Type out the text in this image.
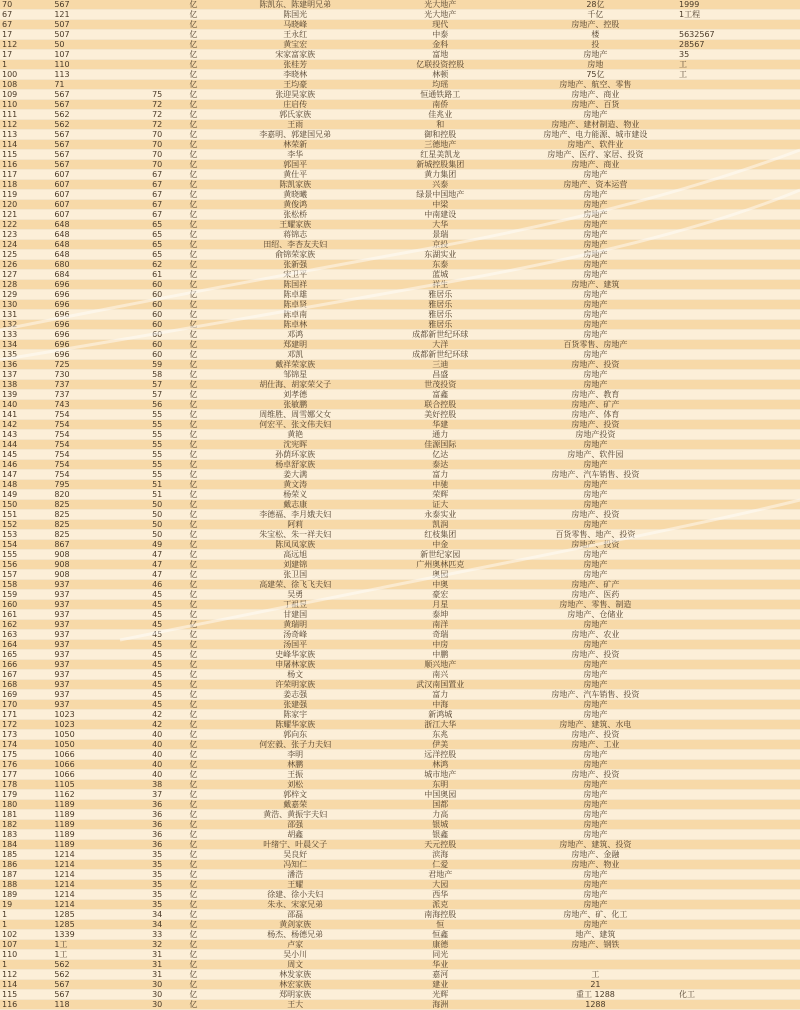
70	567		亿	陈凯东、陈建明兄弟	光大地产	28亿	1999
67	121		亿	陈国光	光大地产	千亿	1工程
67	507		亿	马晓峰	现代	房地产、控股	
17	507		亿	王永红	中泰	楼	5632567
112	50		亿	黄宝宏	金科	投	28567
17	107		亿	宋家富家族	富地	房地产	35
1	110		亿	张桂芳	亿联投资控股	房地	工
100	113		亿	李晓林	林顿	75亿	工
108	71		亿	王均豪	均瑶	房地产、航空、零售	
109	567	75	亿	张迎昊家族	恒通铁路工	房地产、商业	
110	567	72	亿	庄启传	南侨	房地产、百货	
111	562	72	亿	郭氏家族	佳兆业	房地产	
112	562	72	亿	王雨	和	房地产、建材制造、物业	
113	567	70	亿	李嘉明、郭建国兄弟	御和控股	房地产、电力能源、城市建设	
114	567	70	亿	林荣新	三德地产	房地产、软件业	
115	567	70	亿	李华	红星美凯龙	房地产、医疗、家居、投资	
116	567	70	亿	郭国平	新城控股集团	房地产、商业	
117	607	67	亿	黄仕平	黄力集团	房地产	
118	607	67	亿	陈凯家族	兴泰	房地产、资本运营	
119	607	67	亿	黄晓曦	绿景中国地产	房地产	
120	607	67	亿	黄俊鸿	中梁	房地产	
121	607	67	亿	张松桥	中南建设	房地产	
122	648	65	亿	王耀家族	大华	房地产	
123	648	65	亿	蒋锦志	景瑞	房地产	
124	648	65	亿	田绍、李杏友夫妇	京投	房地产	
125	648	65	亿	俞锦荣家族	东湖实业	房地产	
126	680	62	亿	张新强	东泰	房地产	
127	684	61	亿	宋卫平	蓝城	房地产	
128	696	60	亿	陈国祥	祥生	房地产、建筑	
129	696	60	亿	陈卓雄	雅居乐	房地产	
130	696	60	亿	陈卓贤	雅居乐	房地产	
131	696	60	亿	陈卓南	雅居乐	房地产	
132	696	60	亿	陈卓林	雅居乐	房地产	
133	696	60	亿	邓鸿	成都新世纪环球	房地产	
134	696	60	亿	郑建明	大洋	百货零售、房地产	
135	696	60	亿	邓凯	成都新世纪环球	房地产	
136	725	59	亿	戴祥荣家族	三迪	房地产、投资	
137	730	58	亿	邹锦星	昌盛	房地产	
138	737	57	亿	胡仕海、胡家荣父子	世茂投资	房地产	
139	737	57	亿	刘孝德	富鑫	房地产、教育	
140	743	56	亿	张敏鹏	联合控股	房地产、矿产	
141	754	55	亿	周维胜、周雪娜父女	美好控股	房地产、体育	
142	754	55	亿	何宏平、张文伟夫妇	华建	房地产、投资	
143	754	55	亿	黄艳	通力	房地产投资	
144	754	55	亿	沈宪晖	佳源国际	房地产	
145	754	55	亿	孙荫环家族	亿达	房地产、软件园	
146	754	55	亿	杨卓舒家族	泰达	房地产	
147	754	55	亿	姜大满	富力	房地产、汽车销售、投资	
148	795	51	亿	黄文涛	中驰	房地产	
149	820	51	亿	杨荣义	荣辉	房地产	
150	825	50	亿	戴志康	证大	房地产	
151	825	50	亿	李德福、李月娥夫妇	永泰实业	房地产、投资	
152	825	50	亿	阿莉	凯润	房地产	
153	825	50	亿	朱宝松、朱一祥夫妇	红枝集团	百货零售、地产、投资	
154	867	49	亿	陈凤凤家族	中金	房地产、投资	
155	908	47	亿	高远旭	新世纪家园	房地产	
156	908	47	亿	刘建锦	广州奥林匹克	房地产	
157	908	47	亿	张卫国	奥园	房地产	
158	937	46	亿	高建荣、徐飞飞夫妇	中奥	房地产、矿产	
159	937	45	亿	吴勇	豪宏	房地产、医药	
160	937	45	亿	丁祖昱	月星	房地产、零售、制造	
161	937	45	亿	甘建国	泰坤	房地产、仓储业	
162	937	45	亿	黄瑞明	南洋	房地产	
163	937	45	亿	汤奇峰	奇瑞	房地产、农业	
164	937	45	亿	汤国平	中房	房地产	
165	937	45	亿	史峰华家族	中鹏	房地产、投资	
166	937	45	亿	申屠林家族	顺兴地产	房地产	
167	937	45	亿	杨文	南兴	房地产	
168	937	45	亿	许荣明家族	武汉南国置业	房地产	
169	937	45	亿	姜志强	富力	房地产、汽车销售、投资	
170	937	45	亿	张建强	中海	房地产	
171	1023	42	亿	陈家宇	新鸿城	房地产	
172	1023	42	亿	陈耀华家族	浙江大华	房地产、建筑、水电	
173	1050	40	亿	郭向东	东兆	房地产、投资	
174	1050	40	亿	何宏毅、张子力夫妇	伊美	房地产、工业	
175	1066	40	亿	李明	远洋控股	房地产	
176	1066	40	亿	林鹏	林鸿	房地产	
177	1066	40	亿	王振	城市地产	房地产、投资	
178	1105	38	亿	刘松	东明	房地产	
179	1162	37	亿	郭梓文	中国奥园	房地产	
180	1189	36	亿	戴嘉荣	国都	房地产	
181	1189	36	亿	黄浩、黄振宇夫妇	力高	房地产	
182	1189	36	亿	邵强	银城	房地产	
183	1189	36	亿	胡鑫	银鑫	房地产	
184	1189	36	亿	叶绪宁、叶晨父子	天元控股	房地产、建筑、投资	
185	1214	35	亿	吴良好	滨海	房地产、金融	
186	1214	35	亿	冯知仁	仁爱	房地产、物业	
187	1214	35	亿	潘浩	君地产	房地产	
188	1214	35	亿	王耀	大园	房地产	
189	1214	35	亿	徐建、徐小夫妇	西华	房地产	
19	1214	35	亿	朱永、宋家兄弟	派克	房地产	
1	1285	34	亿	邵磊	南海控股	房地产、矿、化工	
1	1285	34	亿	黄剑家族	恒	房地产	
102	1339	33	亿	杨杰、杨德兄弟	恒鑫	地产、建筑	
107	1工	32	亿	卢家	康德	房地产、钢铁	
110	1工	31	亿	吴小川	同光		
1	562	31	亿	周文	华业		
112	562	31	亿	林发家族	嘉河	工	
114	567	30	亿	林宏家族	建业	21	
115	567	30	亿	郑明家族	光辉	重工 1288	化工
116	118	30	亿	王大	海洲	1288	
